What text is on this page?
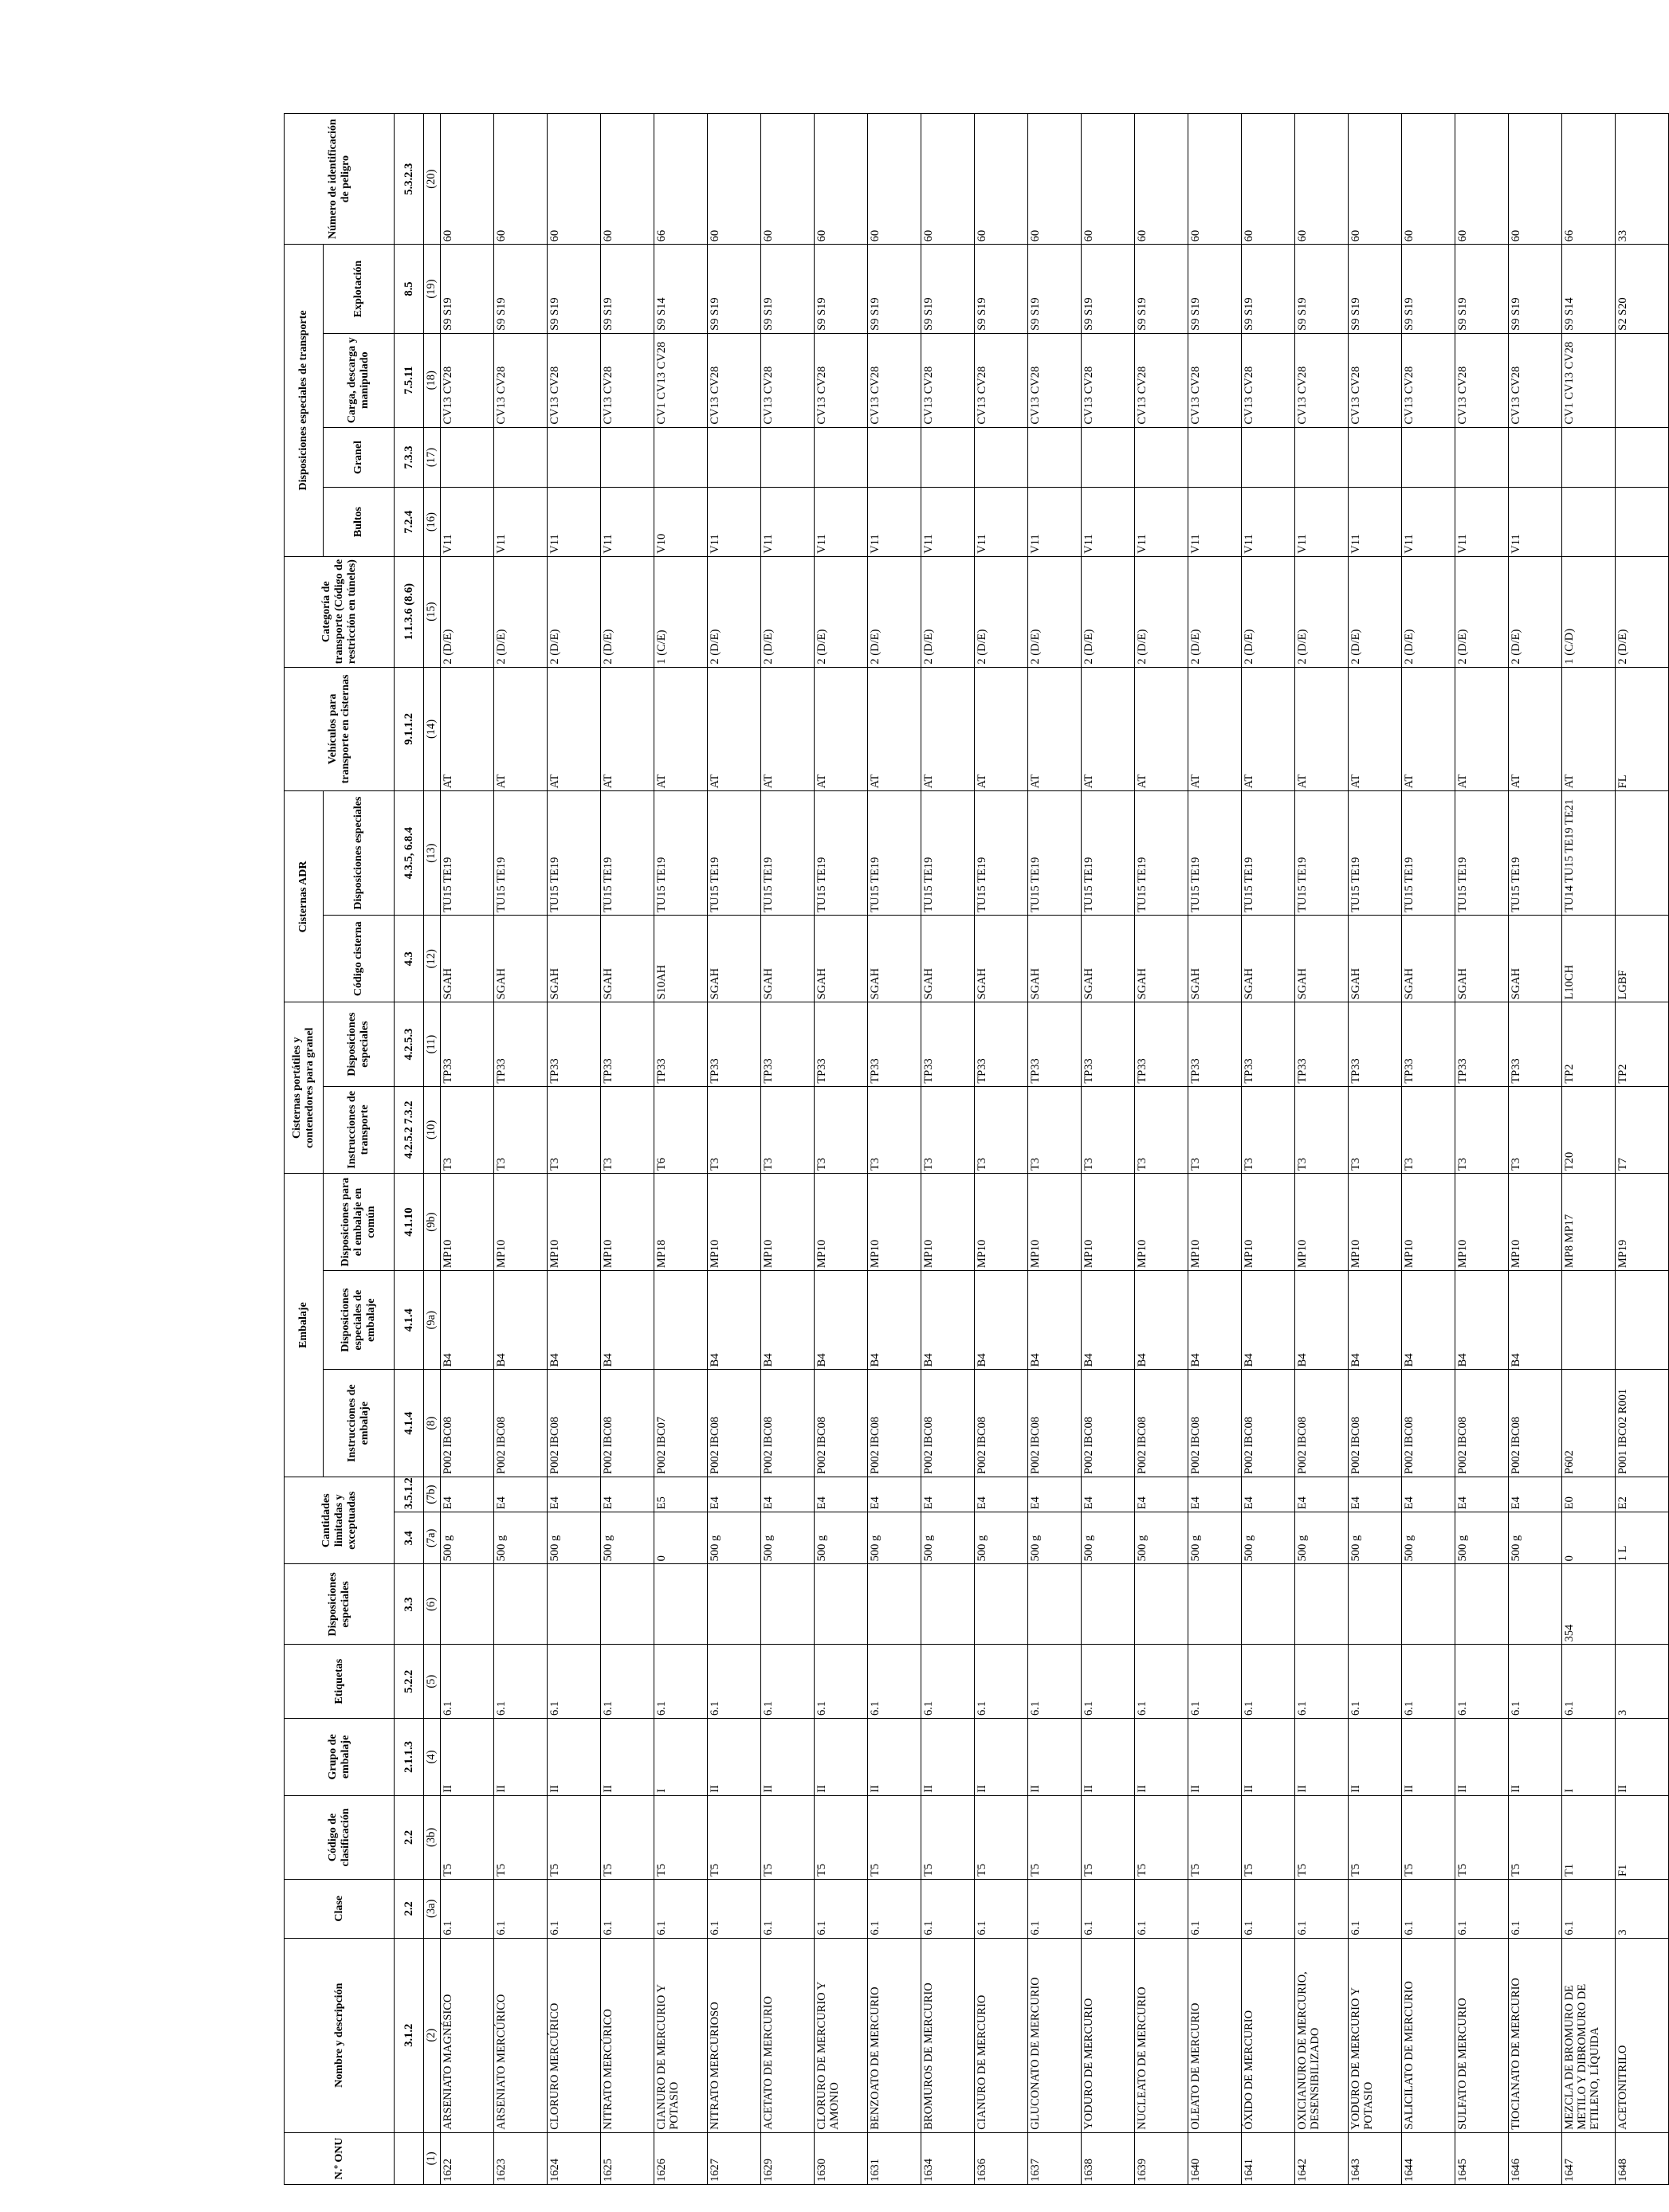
N.º ONU	Nombre y descripción	Clase	Código de clasificación	Grupo de embalaje	Etiquetas	Disposiciones especiales	Cantidades limitadas y exceptuadas		Embalaje			Cisternas portátiles y contenedores para granel		Cisternas ADR		Vehículos para transporte en cisternas	Categoría de transporte (Código de restricción en túneles)	Disposiciones especiales de transporte				Número de identificación de peligro
									Instrucciones de embalaje	Disposiciones especiales de embalaje	Disposiciones para el embalaje en común	Instrucciones de transporte	Disposiciones especiales	Código cisterna	Disposiciones especiales			Bultos	Granel	Carga, descarga y manipulado	Explotación	
	3.1.2	2.2	2.2	2.1.1.3	5.2.2	3.3	3.4	3.5.1.2	4.1.4	4.1.4	4.1.10	4.2.5.2 7.3.2	4.2.5.3	4.3	4.3.5, 6.8.4	9.1.1.2	1.1.3.6 (8.6)	7.2.4	7.3.3	7.5.11	8.5	5.3.2.3
(1)	(2)	(3a)	(3b)	(4)	(5)	(6)	(7a)	(7b)	(8)	(9a)	(9b)	(10)	(11)	(12)	(13)	(14)	(15)	(16)	(17)	(18)	(19)	(20)
1622	ARSENIATO MAGNÉSICO	6.1	T5	II	6.1		500 g	E4	P002 IBC08	B4	MP10	T3	TP33	SGAH	TU15 TE19	AT	2 (D/E)	V11		CV13 CV28	S9 S19	60
1623	ARSENIATO MERCÚRICO	6.1	T5	II	6.1		500 g	E4	P002 IBC08	B4	MP10	T3	TP33	SGAH	TU15 TE19	AT	2 (D/E)	V11		CV13 CV28	S9 S19	60
1624	CLORURO MERCÚRICO	6.1	T5	II	6.1		500 g	E4	P002 IBC08	B4	MP10	T3	TP33	SGAH	TU15 TE19	AT	2 (D/E)	V11		CV13 CV28	S9 S19	60
1625	NITRATO MERCÚRICO	6.1	T5	II	6.1		500 g	E4	P002 IBC08	B4	MP10	T3	TP33	SGAH	TU15 TE19	AT	2 (D/E)	V11		CV13 CV28	S9 S19	60
1626	CIANURO DE MERCURIO Y POTASIO	6.1	T5	I	6.1		0	E5	P002 IBC07		MP18	T6	TP33	S10AH	TU15 TE19	AT	1 (C/E)	V10		CV1 CV13 CV28	S9 S14	66
1627	NITRATO MERCURIOSO	6.1	T5	II	6.1		500 g	E4	P002 IBC08	B4	MP10	T3	TP33	SGAH	TU15 TE19	AT	2 (D/E)	V11		CV13 CV28	S9 S19	60
1629	ACETATO DE MERCURIO	6.1	T5	II	6.1		500 g	E4	P002 IBC08	B4	MP10	T3	TP33	SGAH	TU15 TE19	AT	2 (D/E)	V11		CV13 CV28	S9 S19	60
1630	CLORURO DE MERCURIO Y AMONIO	6.1	T5	II	6.1		500 g	E4	P002 IBC08	B4	MP10	T3	TP33	SGAH	TU15 TE19	AT	2 (D/E)	V11		CV13 CV28	S9 S19	60
1631	BENZOATO DE MERCURIO	6.1	T5	II	6.1		500 g	E4	P002 IBC08	B4	MP10	T3	TP33	SGAH	TU15 TE19	AT	2 (D/E)	V11		CV13 CV28	S9 S19	60
1634	BROMUROS DE MERCURIO	6.1	T5	II	6.1		500 g	E4	P002 IBC08	B4	MP10	T3	TP33	SGAH	TU15 TE19	AT	2 (D/E)	V11		CV13 CV28	S9 S19	60
1636	CIANURO DE MERCURIO	6.1	T5	II	6.1		500 g	E4	P002 IBC08	B4	MP10	T3	TP33	SGAH	TU15 TE19	AT	2 (D/E)	V11		CV13 CV28	S9 S19	60
1637	GLUCONATO DE MERCURIO	6.1	T5	II	6.1		500 g	E4	P002 IBC08	B4	MP10	T3	TP33	SGAH	TU15 TE19	AT	2 (D/E)	V11		CV13 CV28	S9 S19	60
1638	YODURO DE MERCURIO	6.1	T5	II	6.1		500 g	E4	P002 IBC08	B4	MP10	T3	TP33	SGAH	TU15 TE19	AT	2 (D/E)	V11		CV13 CV28	S9 S19	60
1639	NUCLEATO DE MERCURIO	6.1	T5	II	6.1		500 g	E4	P002 IBC08	B4	MP10	T3	TP33	SGAH	TU15 TE19	AT	2 (D/E)	V11		CV13 CV28	S9 S19	60
1640	OLEATO DE MERCURIO	6.1	T5	II	6.1		500 g	E4	P002 IBC08	B4	MP10	T3	TP33	SGAH	TU15 TE19	AT	2 (D/E)	V11		CV13 CV28	S9 S19	60
1641	ÓXIDO DE MERCURIO	6.1	T5	II	6.1		500 g	E4	P002 IBC08	B4	MP10	T3	TP33	SGAH	TU15 TE19	AT	2 (D/E)	V11		CV13 CV28	S9 S19	60
1642	OXICIANURO DE MERCURIO, DESENSIBILIZADO	6.1	T5	II	6.1		500 g	E4	P002 IBC08	B4	MP10	T3	TP33	SGAH	TU15 TE19	AT	2 (D/E)	V11		CV13 CV28	S9 S19	60
1643	YODURO DE MERCURIO Y POTASIO	6.1	T5	II	6.1		500 g	E4	P002 IBC08	B4	MP10	T3	TP33	SGAH	TU15 TE19	AT	2 (D/E)	V11		CV13 CV28	S9 S19	60
1644	SALICILATO DE MERCURIO	6.1	T5	II	6.1		500 g	E4	P002 IBC08	B4	MP10	T3	TP33	SGAH	TU15 TE19	AT	2 (D/E)	V11		CV13 CV28	S9 S19	60
1645	SULFATO DE MERCURIO	6.1	T5	II	6.1		500 g	E4	P002 IBC08	B4	MP10	T3	TP33	SGAH	TU15 TE19	AT	2 (D/E)	V11		CV13 CV28	S9 S19	60
1646	TIOCIANATO DE MERCURIO	6.1	T5	II	6.1		500 g	E4	P002 IBC08	B4	MP10	T3	TP33	SGAH	TU15 TE19	AT	2 (D/E)	V11		CV13 CV28	S9 S19	60
1647	MEZCLA DE BROMURO DE METILO Y DIBROMURO DE ETILENO, LÍQUIDA	6.1	T1	I	6.1	354	0	E0	P602		MP8 MP17	T20	TP2	L10CH	TU14 TU15 TE19 TE21	AT	1 (C/D)			CV1 CV13 CV28	S9 S14	66
1648	ACETONITRILO	3	F1	II	3		1 L	E2	P001 IBC02 R001		MP19	T7	TP2	LGBF		FL	2 (D/E)				S2 S20	33
